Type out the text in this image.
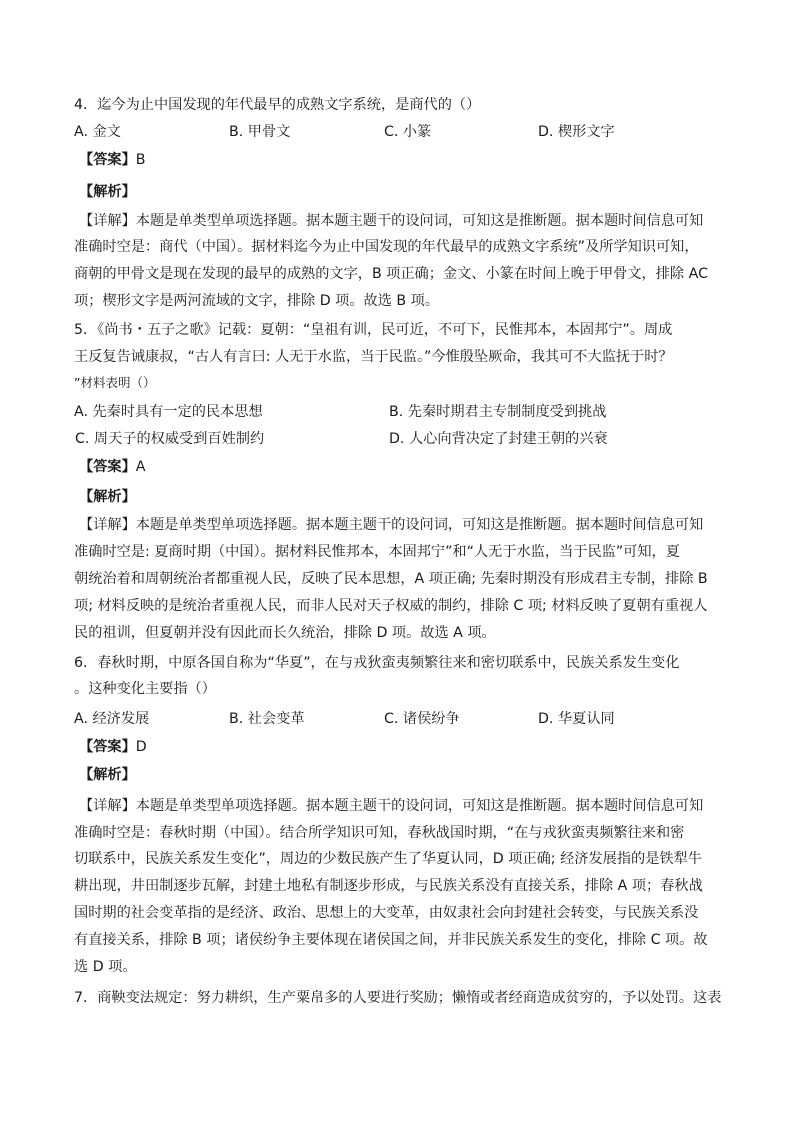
4．迄今为止中国发现的年代最早的成熟文字系统，是商代的（）
A. 金文	B. 甲骨文	C. 小篆	D. 楔形文字
【答案】B
【解析】
【详解】本题是单类型单项选择题。据本题主题干的设问词，可知这是推断题。据本题时间信息可知
准确时空是：商代（中国）。据材料迄今为止中国发现的年代最早的成熟文字系统”及所学知识可知，
商朝的甲骨文是现在发现的最早的成熟的文字，B 项正确；金文、小篆在时间上晚于甲骨文，排除 AC
项；楔形文字是两河流域的文字，排除 D 项。故选 B 项。
5．《尚书・五子之歌》记载：夏朝：“皇祖有训，民可近，不可下，民惟邦本，本固邦宁”。周成
王反复告诫康叔，“古人有言曰: 人无于水监，当于民监。”今惟殷坠厥命，我其可不大监抚于时？
”材料表明（）
A. 先秦时具有一定的民本思想	B. 先秦时期君主专制制度受到挑战
C. 周天子的权威受到百姓制约	D. 人心向背决定了封建王朝的兴衰
【答案】A
【解析】
【详解】本题是单类型单项选择题。据本题主题干的设问词，可知这是推断题。据本题时间信息可知
准确时空是: 夏商时期（中国）。据材料民惟邦本，本固邦宁”和“人无于水监，当于民监”可知，夏
朝统治着和周朝统治者都重视人民，反映了民本思想，A 项正确; 先秦时期没有形成君主专制，排除 B
项; 材料反映的是统治者重视人民，而非人民对天子权威的制约，排除 C 项; 材料反映了夏朝有重视人
民的祖训，但夏朝并没有因此而长久统治，排除 D 项。故选 A 项。
6．春秋时期，中原各国自称为“华夏”，在与戎狄蛮夷频繁往来和密切联系中，民族关系发生变化
。这种变化主要指（）
A. 经济发展	B. 社会变革	C. 诸侯纷争	D. 华夏认同
【答案】D
【解析】
【详解】本题是单类型单项选择题。据本题主题干的设问词，可知这是推断题。据本题时间信息可知
准确时空是：春秋时期（中国）。结合所学知识可知，春秋战国时期，“在与戎狄蛮夷频繁往来和密
切联系中，民族关系发生变化”，周边的少数民族产生了华夏认同，D 项正确; 经济发展指的是铁犁牛
耕出现，井田制逐步瓦解，封建土地私有制逐步形成，与民族关系没有直接关系，排除 A 项；春秋战
国时期的社会变革指的是经济、政治、思想上的大变革，由奴隶社会向封建社会转变，与民族关系没
有直接关系，排除 B 项；诸侯纷争主要体现在诸侯国之间，并非民族关系发生的变化，排除 C 项。故
选 D 项。
7．商鞅变法规定：努力耕织，生产粟帛多的人要进行奖励；懒惰或者经商造成贫穷的，予以处罚。这表
